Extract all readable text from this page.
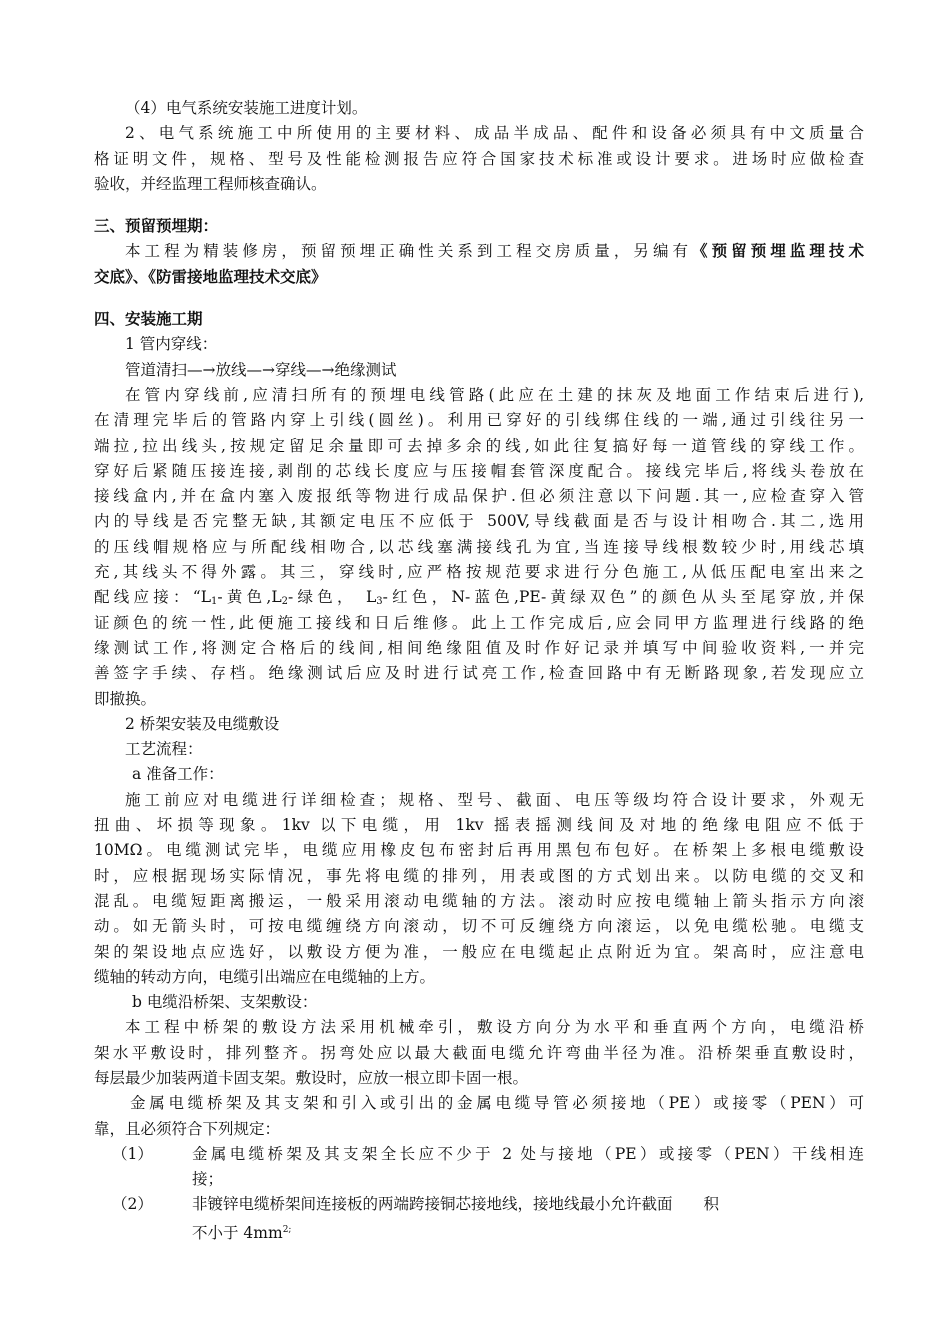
（4）电气系统安装施工进度计划。
2、电气系统施工中所使用的主要材料、成品半成品、配件和设备必须具有中文质量合
格证明文件，规格、型号及性能检测报告应符合国家技术标准或设计要求。进场时应做检查
验收，并经监理工程师核查确认。
三、预留预埋期：
本工程为精装修房，预留预埋正确性关系到工程交房质量，另编有《预留预埋监理技术
交底》、《防雷接地监理技术交底》
四、安装施工期
1 管内穿线：
管道清扫—→放线—→穿线—→绝缘测试
在管内穿线前,应清扫所有的预埋电线管路(此应在土建的抹灰及地面工作结束后进行),
在清理完毕后的管路内穿上引线(圆丝)。利用已穿好的引线绑住线的一端,通过引线往另一
端拉,拉出线头,按规定留足余量即可去掉多余的线,如此往复搞好每一道管线的穿线工作。
穿好后紧随压接连接,剥削的芯线长度应与压接帽套管深度配合。接线完毕后,将线头卷放在
接线盒内,并在盒内塞入废报纸等物进行成品保护.但必须注意以下问题.其一,应检查穿入管
内的导线是否完整无缺,其额定电压不应低于 500V,导线截面是否与设计相吻合.其二,选用
的压线帽规格应与所配线相吻合,以芯线塞满接线孔为宜,当连接导线根数较少时,用线芯填
充,其线头不得外露。其三，穿线时,应严格按规范要求进行分色施工,从低压配电室出来之
配线应接：“$L_1-$黄色$,L_2-$绿色， $L_3-$红色，N-蓝色,PE-黄绿双色”的颜色从头至尾穿放,并保
证颜色的统一性,此便施工接线和日后维修。此上工作完成后,应会同甲方监理进行线路的绝
缘测试工作,将测定合格后的线间,相间绝缘阻值及时作好记录并填写中间验收资料,一并完
善签字手续、存档。绝缘测试后应及时进行试亮工作,检查回路中有无断路现象,若发现应立
即撤换。
2 桥架安装及电缆敷设
工艺流程：
a 准备工作：
施工前应对电缆进行详细检查；规格、型号、截面、电压等级均符合设计要求，外观无
扭曲、坏损等现象。1kv 以下电缆，用 1kv 摇表摇测线间及对地的绝缘电阻应不低于
10MΩ。电缆测试完毕，电缆应用橡皮包布密封后再用黑包布包好。在桥架上多根电缆敷设
时，应根据现场实际情况，事先将电缆的排列，用表或图的方式划出来。以防电缆的交叉和
混乱。电缆短距离搬运，一般采用滚动电缆轴的方法。滚动时应按电缆轴上箭头指示方向滚
动。如无箭头时，可按电缆缠绕方向滚动，切不可反缠绕方向滚运，以免电缆松驰。电缆支
架的架设地点应选好，以敷设方便为准，一般应在电缆起止点附近为宜。架高时，应注意电
缆轴的转动方向，电缆引出端应在电缆轴的上方。
b 电缆沿桥架、支架敷设：
本工程中桥架的敷设方法采用机械牵引，敷设方向分为水平和垂直两个方向，电缆沿桥
架水平敷设时，排列整齐。拐弯处应以最大截面电缆允许弯曲半径为准。沿桥架垂直敷设时，
每层最少加装两道卡固支架。敷设时，应放一根立即卡固一根。
金属电缆桥架及其支架和引入或引出的金属电缆导管必须接地（PE）或接零（PEN）可
靠，且必须符合下列规定：
（1）	金属电缆桥架及其支架全长应不少于 2 处与接地（PE）或接零（PEN）干线相连
接；
（2）	非镀锌电缆桥架间连接板的两端跨接铜芯接地线，接地线最小允许截面　　积
不小于 $4mm^{2;}$
